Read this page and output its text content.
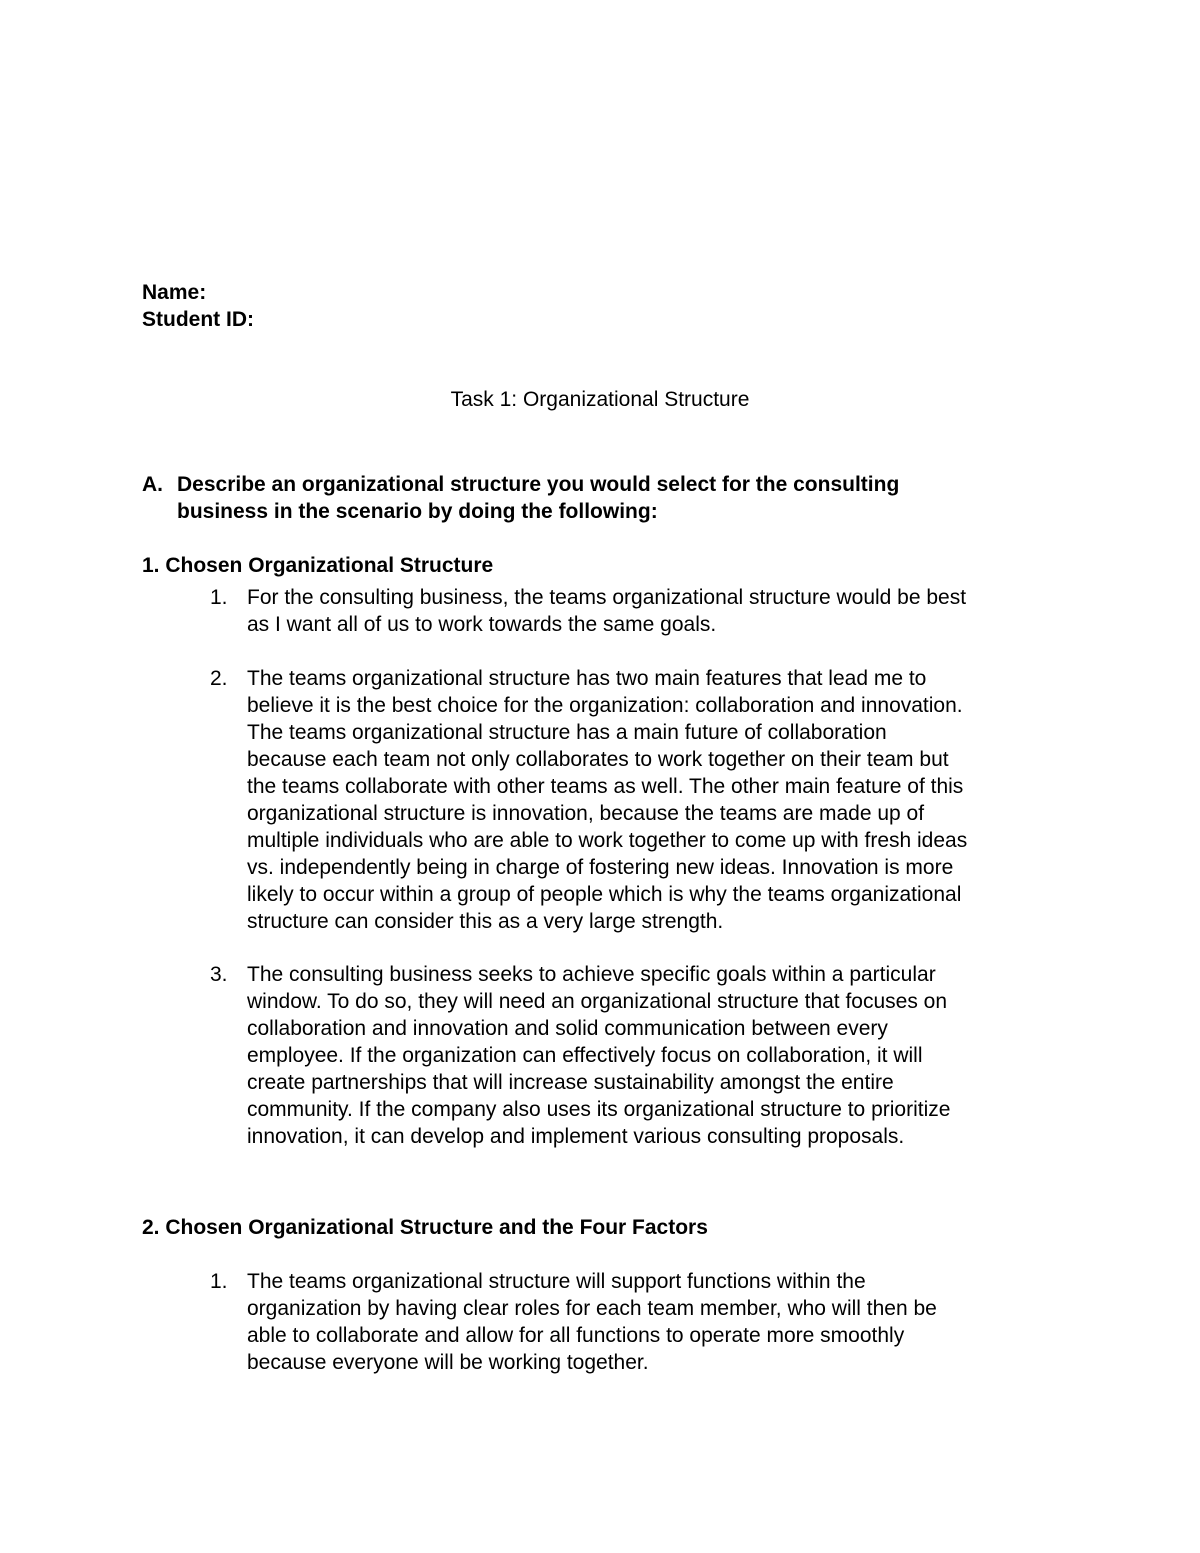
Name:
Student ID:
Task 1: Organizational Structure
A. Describe an organizational structure you would select for the consulting
business in the scenario by doing the following:
1. Chosen Organizational Structure
1. For the consulting business, the teams organizational structure would be best
as I want all of us to work towards the same goals.
2. The teams organizational structure has two main features that lead me to
believe it is the best choice for the organization: collaboration and innovation.
The teams organizational structure has a main future of collaboration
because each team not only collaborates to work together on their team but
the teams collaborate with other teams as well. The other main feature of this
organizational structure is innovation, because the teams are made up of
multiple individuals who are able to work together to come up with fresh ideas
vs. independently being in charge of fostering new ideas. Innovation is more
likely to occur within a group of people which is why the teams organizational
structure can consider this as a very large strength.
3. The consulting business seeks to achieve specific goals within a particular
window. To do so, they will need an organizational structure that focuses on
collaboration and innovation and solid communication between every
employee. If the organization can effectively focus on collaboration, it will
create partnerships that will increase sustainability amongst the entire
community. If the company also uses its organizational structure to prioritize
innovation, it can develop and implement various consulting proposals.
2. Chosen Organizational Structure and the Four Factors
1. The teams organizational structure will support functions within the
organization by having clear roles for each team member, who will then be
able to collaborate and allow for all functions to operate more smoothly
because everyone will be working together.
